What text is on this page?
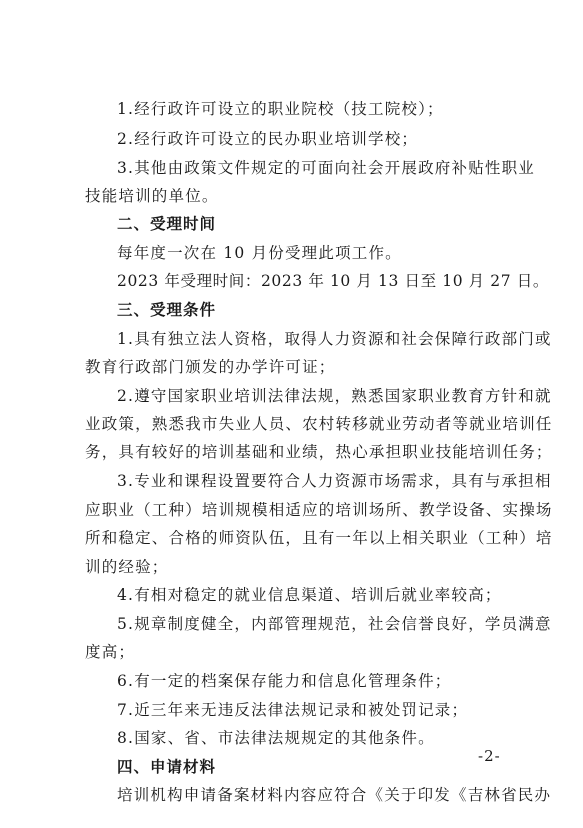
1.经行政许可设立的职业院校（技工院校）；
2.经行政许可设立的民办职业培训学校；
3.其他由政策文件规定的可面向社会开展政府补贴性职业
技能培训的单位。
二、受理时间
每年度一次在 10 月份受理此项工作。
2023 年受理时间：2023 年 10 月 13 日至 10 月 27 日。
三、受理条件
1.具有独立法人资格，取得人力资源和社会保障行政部门或
教育行政部门颁发的办学许可证；
2.遵守国家职业培训法律法规，熟悉国家职业教育方针和就
业政策，熟悉我市失业人员、农村转移就业劳动者等就业培训任
务，具有较好的培训基础和业绩，热心承担职业技能培训任务；
3.专业和课程设置要符合人力资源市场需求，具有与承担相
应职业（工种）培训规模相适应的培训场所、教学设备、实操场
所和稳定、合格的师资队伍，且有一年以上相关职业（工种）培
训的经验；
4.有相对稳定的就业信息渠道、培训后就业率较高；
5.规章制度健全，内部管理规范，社会信誉良好，学员满意
度高；
6.有一定的档案保存能力和信息化管理条件；
7.近三年来无违反法律法规记录和被处罚记录；
8.国家、省、市法律法规规定的其他条件。
四、申请材料
培训机构申请备案材料内容应符合《关于印发《吉林省民办
-2-
